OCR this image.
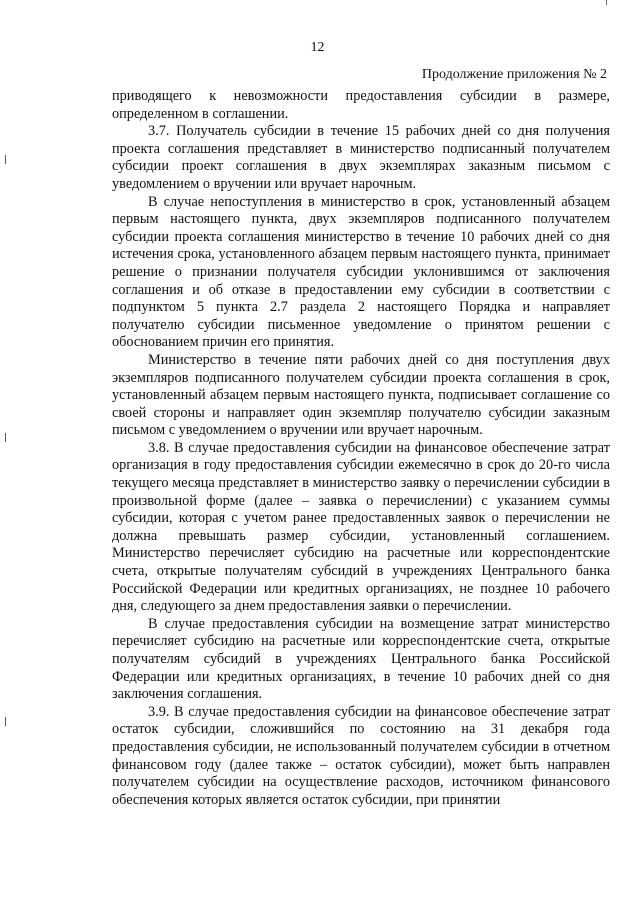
12
Продолжение приложения № 2

приводящего к невозможности предоставления субсидии в размере, определенном в соглашении.

3.7. Получатель субсидии в течение 15 рабочих дней со дня получения проекта соглашения представляет в министерство подписанный получателем субсидии проект соглашения в двух экземплярах заказным письмом с уведомлением о вручении или вручает нарочным.

В случае непоступления в министерство в срок, установленный абзацем первым настоящего пункта, двух экземпляров подписанного получателем субсидии проекта соглашения министерство в течение 10 рабочих дней со дня истечения срока, установленного абзацем первым настоящего пункта, принимает решение о признании получателя субсидии уклонившимся от заключения соглашения и об отказе в предоставлении ему субсидии в соответствии с подпунктом 5 пункта 2.7 раздела 2 настоящего Порядка и направляет получателю субсидии письменное уведомление о принятом решении с обоснованием причин его принятия.

Министерство в течение пяти рабочих дней со дня поступления двух экземпляров подписанного получателем субсидии проекта соглашения в срок, установленный абзацем первым настоящего пункта, подписывает соглашение со своей стороны и направляет один экземпляр получателю субсидии заказным письмом с уведомлением о вручении или вручает нарочным.

3.8. В случае предоставления субсидии на финансовое обеспечение затрат организация в году предоставления субсидии ежемесячно в срок до 20-го числа текущего месяца представляет в министерство заявку о перечислении субсидии в произвольной форме (далее – заявка о перечислении) с указанием суммы субсидии, которая с учетом ранее предоставленных заявок о перечислении не должна превышать размер субсидии, установленный соглашением. Министерство перечисляет субсидию на расчетные или корреспондентские счета, открытые получателям субсидий в учреждениях Центрального банка Российской Федерации или кредитных организациях, не позднее 10 рабочего дня, следующего за днем предоставления заявки о перечислении.

В случае предоставления субсидии на возмещение затрат министерство перечисляет субсидию на расчетные или корреспондентские счета, открытые получателям субсидий в учреждениях Центрального банка Российской Федерации или кредитных организациях, в течение 10 рабочих дней со дня заключения соглашения.

3.9. В случае предоставления субсидии на финансовое обеспечение затрат остаток субсидии, сложившийся по состоянию на 31 декабря года предоставления субсидии, не использованный получателем субсидии в отчетном финансовом году (далее также – остаток субсидии), может быть направлен получателем субсидии на осуществление расходов, источником финансового обеспечения которых является остаток субсидии, при принятии
